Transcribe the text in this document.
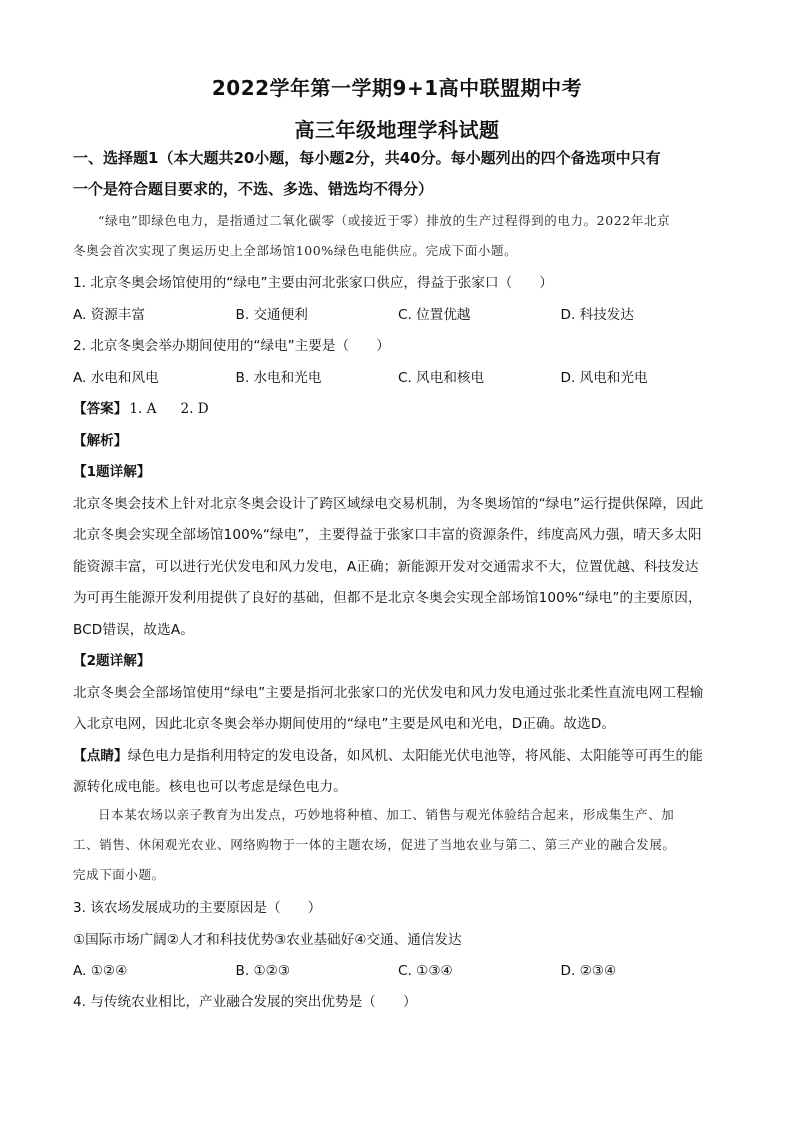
2022学年第一学期9+1高中联盟期中考
高三年级地理学科试题
一、选择题1（本大题共20小题，每小题2分，共40分。每小题列出的四个备选项中只有
一个是符合题目要求的，不选、多选、错选均不得分）
“绿电”即绿色电力，是指通过二氧化碳零（或接近于零）排放的生产过程得到的电力。2022年北京
冬奥会首次实现了奥运历史上全部场馆100%绿色电能供应。完成下面小题。
1. 北京冬奥会场馆使用的“绿电”主要由河北张家口供应，得益于张家口（　　）
A. 资源丰富	B. 交通便利	C. 位置优越	D. 科技发达
2. 北京冬奥会举办期间使用的“绿电”主要是（　　）
A. 水电和风电	B. 水电和光电	C. 风电和核电	D. 风电和光电
【答案】 1. A 2. D
【解析】
【1题详解】

北京冬奥会技术上针对北京冬奥会设计了跨区域绿电交易机制，为冬奥场馆的“绿电”运行提供保障，因此

北京冬奥会实现全部场馆100%“绿电”，主要得益于张家口丰富的资源条件，纬度高风力强，晴天多太阳

能资源丰富，可以进行光伏发电和风力发电，A正确；新能源开发对交通需求不大，位置优越、科技发达

为可再生能源开发利用提供了良好的基础，但都不是北京冬奥会实现全部场馆100%“绿电”的主要原因，

BCD错误，故选A。

【2题详解】

北京冬奥会全部场馆使用“绿电”主要是指河北张家口的光伏发电和风力发电通过张北柔性直流电网工程输

入北京电网，因此北京冬奥会举办期间使用的“绿电”主要是风电和光电，D正确。故选D。

【点睛】绿色电力是指利用特定的发电设备，如风机、太阳能光伏电池等，将风能、太阳能等可再生的能

源转化成电能。核电也可以考虑是绿色电力。

日本某农场以亲子教育为出发点，巧妙地将种植、加工、销售与观光体验结合起来，形成集生产、加
工、销售、休闲观光农业、网络购物于一体的主题农场，促进了当地农业与第二、第三产业的融合发展。
完成下面小题。
3. 该农场发展成功的主要原因是（　　）
①国际市场广阔②人才和科技优势③农业基础好④交通、通信发达
A. ①②④	B. ①②③	C. ①③④	D. ②③④
4. 与传统农业相比，产业融合发展的突出优势是（　　）
